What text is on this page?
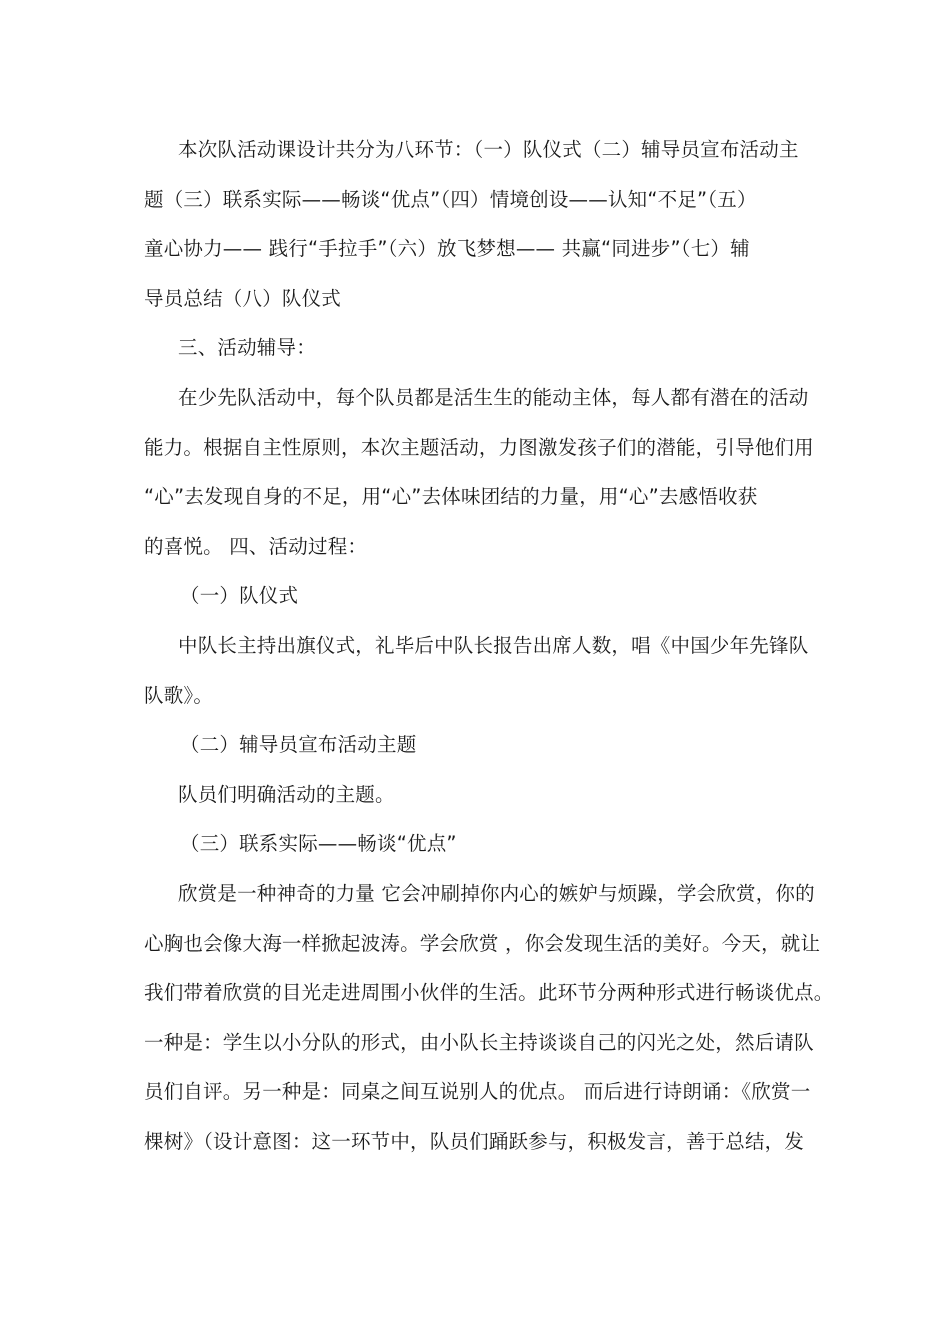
本次队活动课设计共分为八环节：（一）队仪式（二）辅导员宣布活动主
题（三）联系实际——畅谈“优点”（四）情境创设——认知“不足”（五）
童心协力—— 践行“手拉手”（六）放飞梦想—— 共赢“同进步”（七）辅
导员总结（八）队仪式
三、活动辅导：
在少先队活动中，每个队员都是活生生的能动主体，每人都有潜在的活动
能力。根据自主性原则，本次主题活动，力图激发孩子们的潜能，引导他们用
“心”去发现自身的不足，用“心”去体味团结的力量，用“心”去感悟收获
的喜悦。 四、活动过程：
（一）队仪式
中队长主持出旗仪式，礼毕后中队长报告出席人数，唱《中国少年先锋队
队歌》。
（二）辅导员宣布活动主题
队员们明确活动的主题。
（三）联系实际——畅谈“优点”
欣赏是一种神奇的力量 它会冲刷掉你内心的嫉妒与烦躁，学会欣赏，你的
心胸也会像大海一样掀起波涛。学会欣赏 ，你会发现生活的美好。今天，就让
我们带着欣赏的目光走进周围小伙伴的生活。此环节分两种形式进行畅谈优点。
一种是：学生以小分队的形式，由小队长主持谈谈自己的闪光之处，然后请队
员们自评。另一种是：同桌之间互说别人的优点。 而后进行诗朗诵：《欣赏一
棵树》（设计意图：这一环节中，队员们踊跃参与，积极发言，善于总结，发
